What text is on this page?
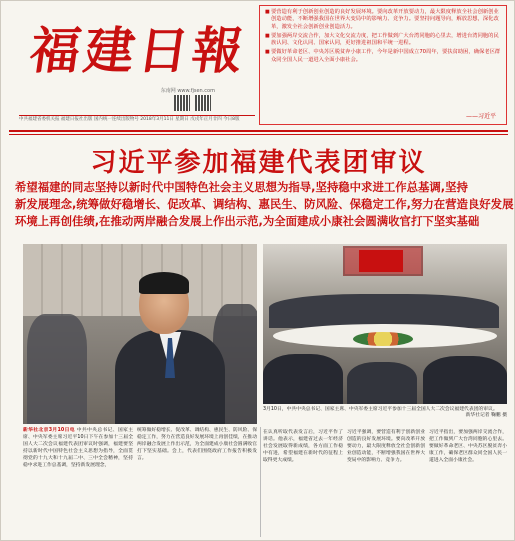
福建日報
东南网 www.fjsen.com
中共福建省委机关报 福建日报社出版 国内统一连续出版物号 2018年3月11日 星期日 戊戌年正月廿四 今日8版

■ 要营造有利于创新创业创造的良好发展环境。要向改革开放要动力，最大限度释放全社会创新创业创造动能，不断增强我国在世界大变局中的影响力、竞争力。要坚持问题导向，解放思想，深化改革，激发全社会创新创业创造活力。

■ 要加强两岸交流合作，加大文化交流力度，把工作做到广大台湾同胞的心里去，增进台湾同胞的民族认同、文化认同、国家认同，更好推进祖国和平统一进程。

■ 要做好革命老区、中央苏区脱贫奔小康工作，今年是新中国成立70周年，要扶贫助困，确保老区群众同全国人民一道进入全面小康社会。

——习近平
习近平参加福建代表团审议
希望福建的同志坚持以新时代中国特色社会主义思想为指导,坚持稳中求进工作总基调,坚持
新发展理念,统筹做好稳增长、促改革、调结构、惠民生、防风险、保稳定工作,努力在营造良好发展
环境上再创佳绩,在推动两岸融合发展上作出示范,为全面建成小康社会圆满收官打下坚实基础
3月10日，中共中央总书记、国家主席、中央军委主席习近平参加十三届全国人大二次会议福建代表团的审议。
新华社记者 鞠鹏 摄
新华社北京3月10日电 中共中央总书记、国家主席、中央军委主席习近平10日下午在参加十三届全国人大二次会议福建代表团审议时强调，福建要坚持以新时代中国特色社会主义思想为指导，全面贯彻党的十九大和十九届二中、三中全会精神，坚持稳中求进工作总基调，坚持新发展理念，
统筹做好稳增长、促改革、调结构、惠民生、防风险、保稳定工作，努力在营造良好发展环境上再创佳绩，在推动两岸融合发展上作出示范，为全面建成小康社会圆满收官打下坚实基础。会上，代表们围绕政府工作报告积极发言。
在认真听取代表发言后，习近平作了讲话。他表示，福建省过去一年经济社会发展取得新成绩，各方面工作稳中有进，希望福建在新时代的征程上取得更大成绩。
习近平强调，要营造有利于创新创业创造的良好发展环境。要向改革开放要动力，最大限度释放全社会创新创业创造动能，不断增强我国在世界大变局中的影响力、竞争力。
习近平指出，要加强两岸交流合作，把工作做到广大台湾同胞的心里去。要做好革命老区、中央苏区脱贫奔小康工作，确保老区群众同全国人民一道进入全面小康社会。
